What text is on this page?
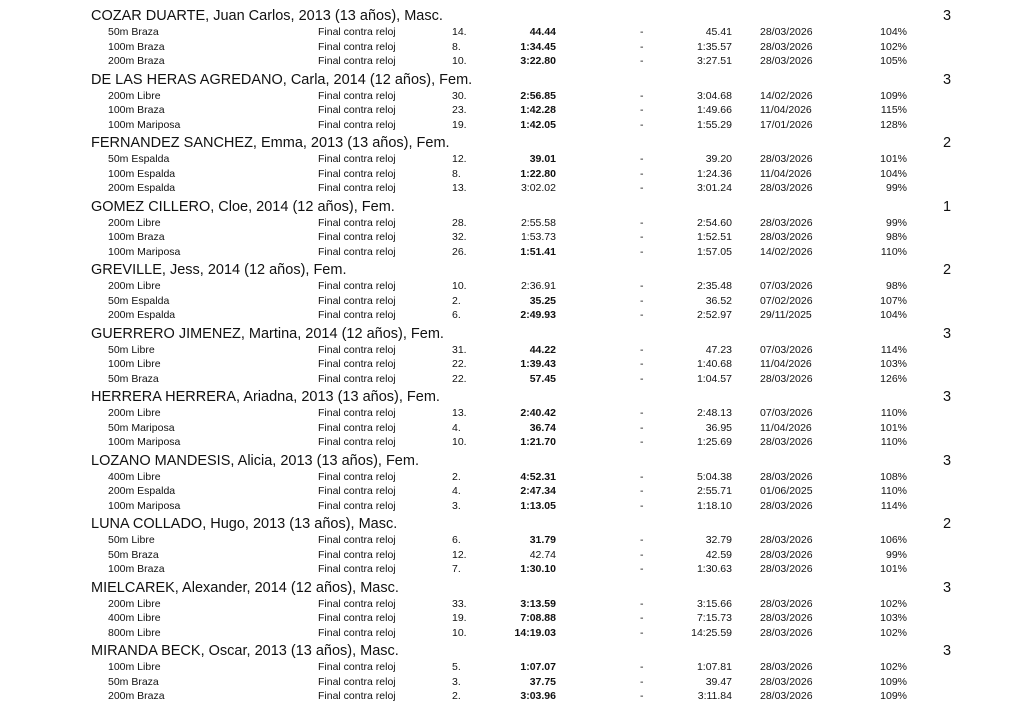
COZAR DUARTE, Juan Carlos, 2013 (13 años), Masc.	3
50m Braza	Final contra reloj	14.	44.44	-	45.41	28/03/2026	104%
100m Braza	Final contra reloj	8.	1:34.45	-	1:35.57	28/03/2026	102%
200m Braza	Final contra reloj	10.	3:22.80	-	3:27.51	28/03/2026	105%
DE LAS HERAS AGREDANO, Carla, 2014 (12 años), Fem.	3
200m Libre	Final contra reloj	30.	2:56.85	-	3:04.68	14/02/2026	109%
100m Braza	Final contra reloj	23.	1:42.28	-	1:49.66	11/04/2026	115%
100m Mariposa	Final contra reloj	19.	1:42.05	-	1:55.29	17/01/2026	128%
FERNANDEZ SANCHEZ, Emma, 2013 (13 años), Fem.	2
50m Espalda	Final contra reloj	12.	39.01	-	39.20	28/03/2026	101%
100m Espalda	Final contra reloj	8.	1:22.80	-	1:24.36	11/04/2026	104%
200m Espalda	Final contra reloj	13.	3:02.02	-	3:01.24	28/03/2026	99%
GOMEZ CILLERO, Cloe, 2014 (12 años), Fem.	1
200m Libre	Final contra reloj	28.	2:55.58	-	2:54.60	28/03/2026	99%
100m Braza	Final contra reloj	32.	1:53.73	-	1:52.51	28/03/2026	98%
100m Mariposa	Final contra reloj	26.	1:51.41	-	1:57.05	14/02/2026	110%
GREVILLE, Jess, 2014 (12 años), Fem.	2
200m Libre	Final contra reloj	10.	2:36.91	-	2:35.48	07/03/2026	98%
50m Espalda	Final contra reloj	2.	35.25	-	36.52	07/02/2026	107%
200m Espalda	Final contra reloj	6.	2:49.93	-	2:52.97	29/11/2025	104%
GUERRERO JIMENEZ, Martina, 2014 (12 años), Fem.	3
50m Libre	Final contra reloj	31.	44.22	-	47.23	07/03/2026	114%
100m Libre	Final contra reloj	22.	1:39.43	-	1:40.68	11/04/2026	103%
50m Braza	Final contra reloj	22.	57.45	-	1:04.57	28/03/2026	126%
HERRERA HERRERA, Ariadna, 2013 (13 años), Fem.	3
200m Libre	Final contra reloj	13.	2:40.42	-	2:48.13	07/03/2026	110%
50m Mariposa	Final contra reloj	4.	36.74	-	36.95	11/04/2026	101%
100m Mariposa	Final contra reloj	10.	1:21.70	-	1:25.69	28/03/2026	110%
LOZANO MANDESIS, Alicia, 2013 (13 años), Fem.	3
400m Libre	Final contra reloj	2.	4:52.31	-	5:04.38	28/03/2026	108%
200m Espalda	Final contra reloj	4.	2:47.34	-	2:55.71	01/06/2025	110%
100m Mariposa	Final contra reloj	3.	1:13.05	-	1:18.10	28/03/2026	114%
LUNA COLLADO, Hugo, 2013 (13 años), Masc.	2
50m Libre	Final contra reloj	6.	31.79	-	32.79	28/03/2026	106%
50m Braza	Final contra reloj	12.	42.74	-	42.59	28/03/2026	99%
100m Braza	Final contra reloj	7.	1:30.10	-	1:30.63	28/03/2026	101%
MIELCAREK, Alexander, 2014 (12 años), Masc.	3
200m Libre	Final contra reloj	33.	3:13.59	-	3:15.66	28/03/2026	102%
400m Libre	Final contra reloj	19.	7:08.88	-	7:15.73	28/03/2026	103%
800m Libre	Final contra reloj	10.	14:19.03	-	14:25.59	28/03/2026	102%
MIRANDA BECK, Oscar, 2013 (13 años), Masc.	3
100m Libre	Final contra reloj	5.	1:07.07	-	1:07.81	28/03/2026	102%
50m Braza	Final contra reloj	3.	37.75	-	39.47	28/03/2026	109%
200m Braza	Final contra reloj	2.	3:03.96	-	3:11.84	28/03/2026	109%
